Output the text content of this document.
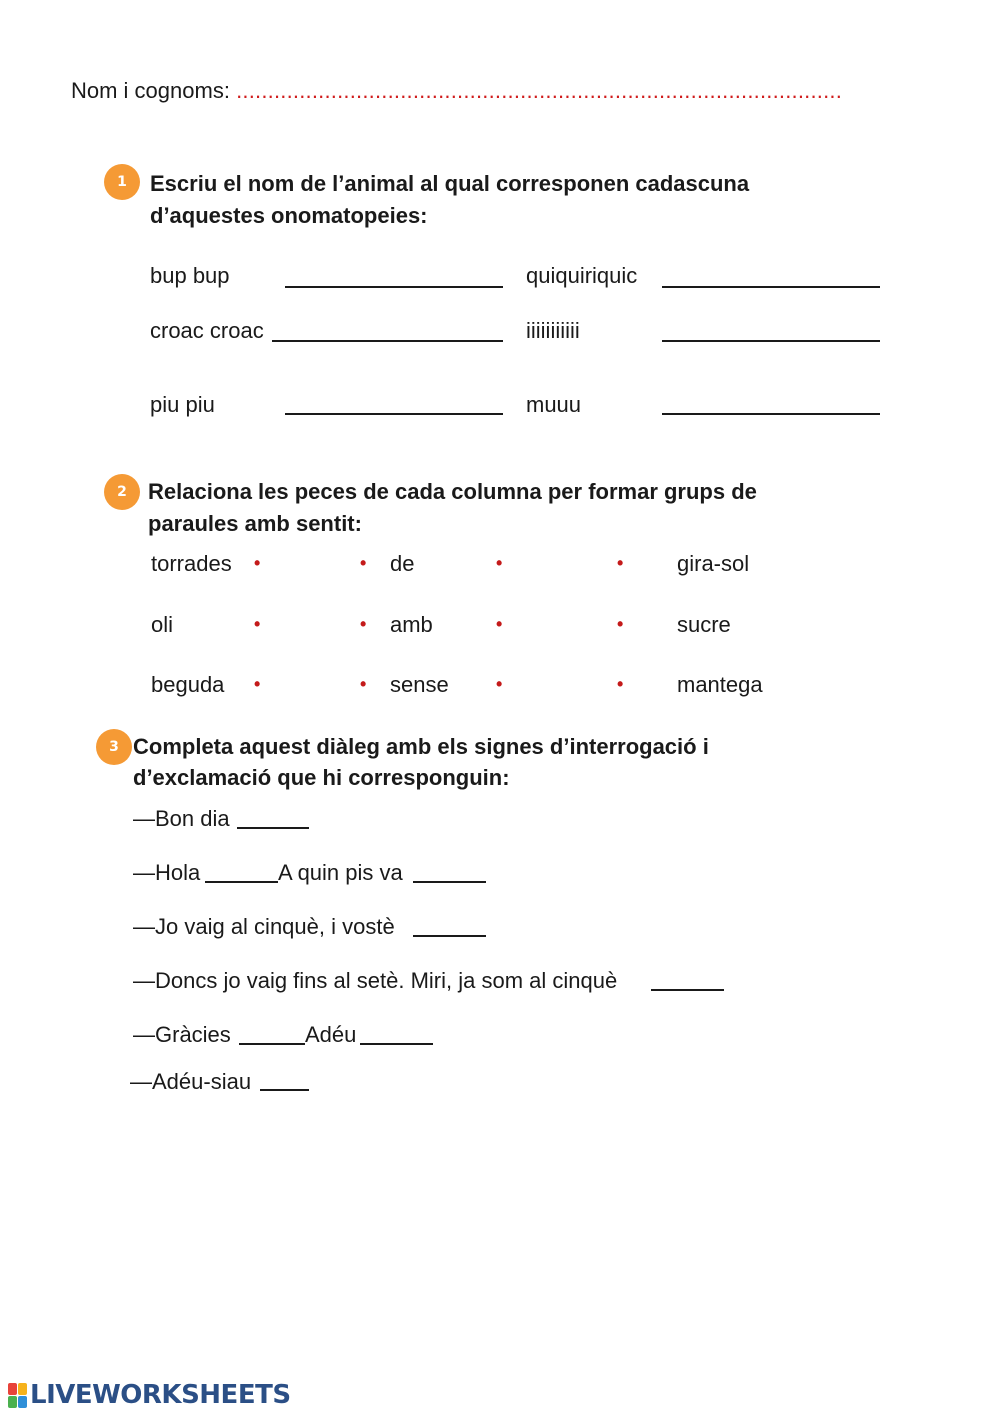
Nom i cognoms: ................................................................................................
1	Escriu el nom de l’animal al qual corresponen cadascuna
d’aquestes onomatopeies:
bup bup	quiquiriquic
croac croac	iiiiiiiiiii
piu piu	muuu
2 Relaciona les peces de cada columna per formar grups de
paraules amb sentit:
torrades •	• de	•	• gira-sol
oli	•	• amb	•	• sucre
beguda •	• sense	•	• mantega
3 Completa aquest diàleg amb els signes d’interrogació i
d’exclamació que hi corresponguin:
—Bon dia
—Hola	A quin pis va
—Jo vaig al cinquè, i vostè
—Doncs jo vaig fins al setè. Miri, ja som al cinquè
—Gràcies	Adéu
—Adéu-siau
LIVEWORKSHEETS
